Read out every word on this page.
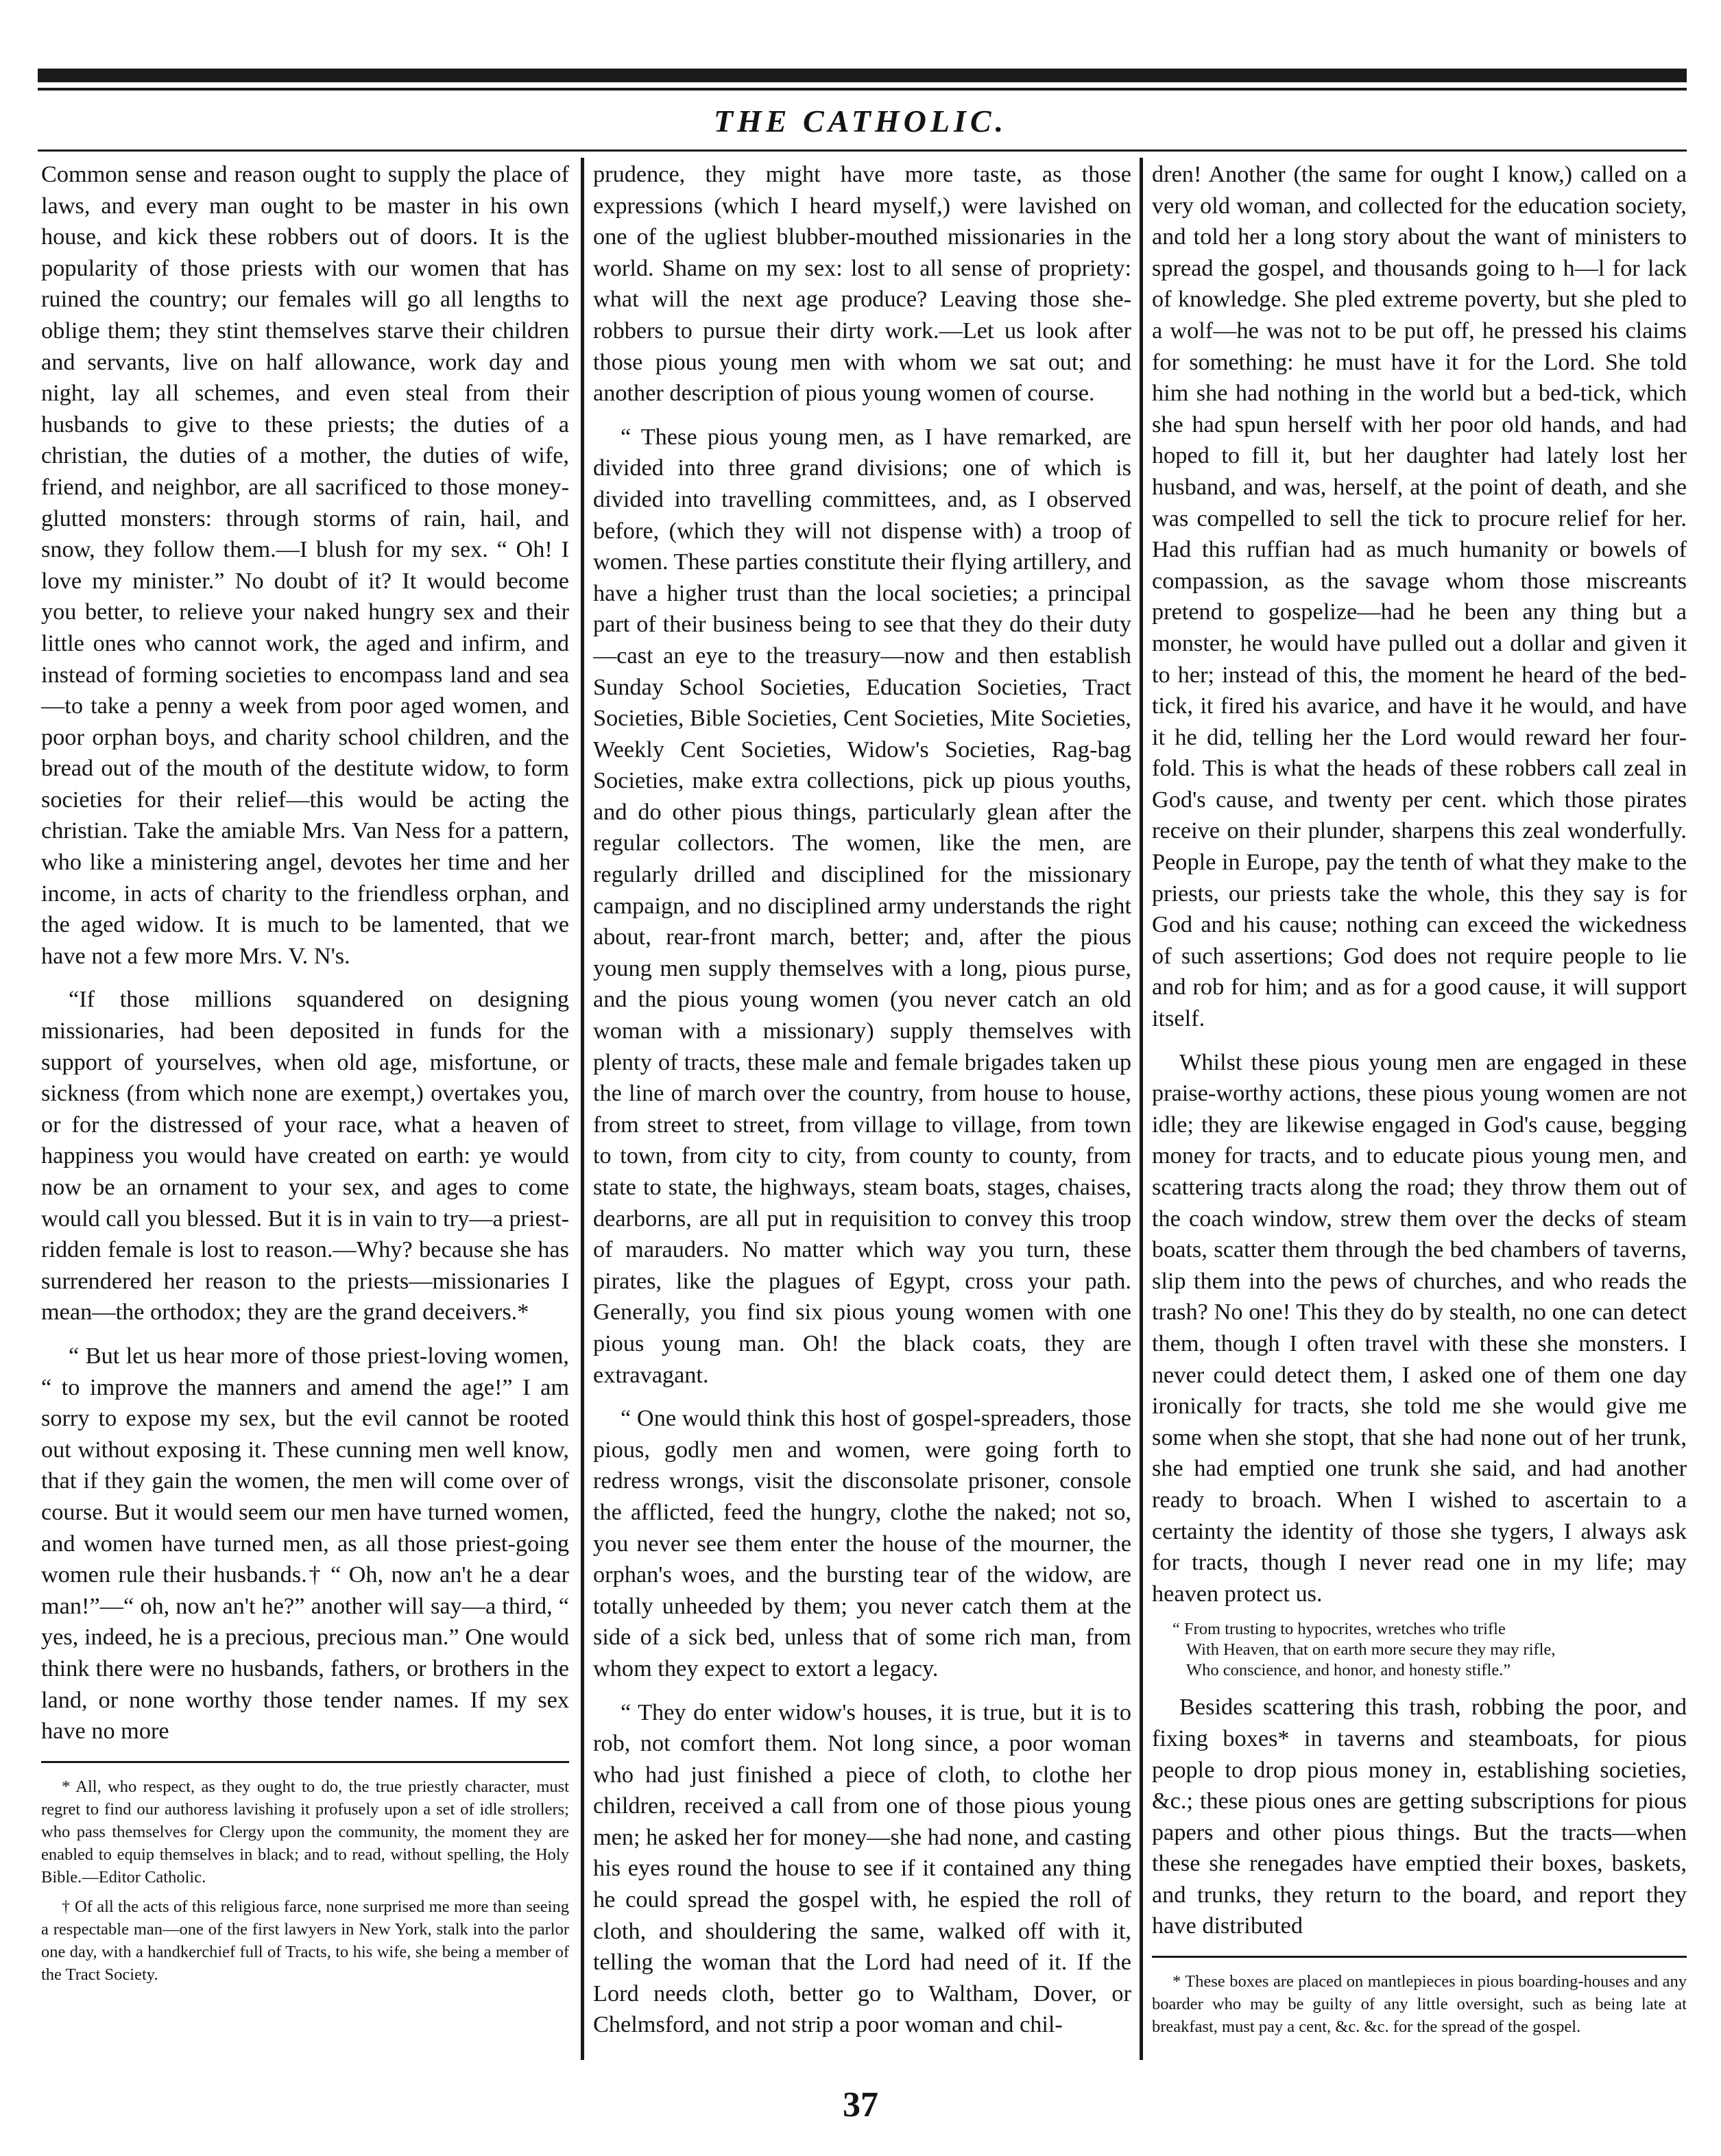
THE CATHOLIC.

Common sense and reason ought to supply the place of laws, and every man ought to be master in his own house, and kick these robbers out of doors. It is the popularity of those priests with our women that has ruined the country; our females will go all lengths to oblige them; they stint themselves starve their children and servants, live on half allowance, work day and night, lay all schemes, and even steal from their husbands to give to these priests; the duties of a christian, the duties of a mother, the duties of wife, friend, and neighbor, are all sacrificed to those money-glutted monsters: through storms of rain, hail, and snow, they follow them.—I blush for my sex. “ Oh! I love my minister.” No doubt of it? It would become you better, to relieve your naked hungry sex and their little ones who cannot work, the aged and infirm, and instead of forming societies to encompass land and sea—to take a penny a week from poor aged women, and poor orphan boys, and charity school children, and the bread out of the mouth of the destitute widow, to form societies for their relief—this would be acting the christian. Take the amiable Mrs. Van Ness for a pattern, who like a ministering angel, devotes her time and her income, in acts of charity to the friendless orphan, and the aged widow. It is much to be lamented, that we have not a few more Mrs. V. N's.

“If those millions squandered on designing missionaries, had been deposited in funds for the support of yourselves, when old age, misfortune, or sickness (from which none are exempt,) overtakes you, or for the distressed of your race, what a heaven of happiness you would have created on earth: ye would now be an ornament to your sex, and ages to come would call you blessed. But it is in vain to try—a priest-ridden female is lost to reason.—Why? because she has surrendered her reason to the priests—missionaries I mean—the orthodox; they are the grand deceivers.*

“ But let us hear more of those priest-loving women, “ to improve the manners and amend the age!” I am sorry to expose my sex, but the evil cannot be rooted out without exposing it. These cunning men well know, that if they gain the women, the men will come over of course. But it would seem our men have turned women, and women have turned men, as all those priest-going women rule their husbands.† “ Oh, now an't he a dear man!”—“ oh, now an't he?” another will say—a third, “ yes, indeed, he is a precious, precious man.” One would think there were no husbands, fathers, or brothers in the land, or none worthy those tender names. If my sex have no more

* All, who respect, as they ought to do, the true priestly character, must regret to find our authoress lavishing it profusely upon a set of idle strollers; who pass themselves for Clergy upon the community, the moment they are enabled to equip themselves in black; and to read, without spelling, the Holy Bible.—Editor Catholic.

† Of all the acts of this religious farce, none surprised me more than seeing a respectable man—one of the first lawyers in New York, stalk into the parlor one day, with a handkerchief full of Tracts, to his wife, she being a member of the Tract Society.

prudence, they might have more taste, as those expressions (which I heard myself,) were lavished on one of the ugliest blubber-mouthed missionaries in the world. Shame on my sex: lost to all sense of propriety: what will the next age produce? Leaving those she-robbers to pursue their dirty work.—Let us look after those pious young men with whom we sat out; and another description of pious young women of course.

“ These pious young men, as I have remarked, are divided into three grand divisions; one of which is divided into travelling committees, and, as I observed before, (which they will not dispense with) a troop of women. These parties constitute their flying artillery, and have a higher trust than the local societies; a principal part of their business being to see that they do their duty—cast an eye to the treasury—now and then establish Sunday School Societies, Education Societies, Tract Societies, Bible Societies, Cent Societies, Mite Societies, Weekly Cent Societies, Widow's Societies, Rag-bag Societies, make extra collections, pick up pious youths, and do other pious things, particularly glean after the regular collectors. The women, like the men, are regularly drilled and disciplined for the missionary campaign, and no disciplined army understands the right about, rear-front march, better; and, after the pious young men supply themselves with a long, pious purse, and the pious young women (you never catch an old woman with a missionary) supply themselves with plenty of tracts, these male and female brigades taken up the line of march over the country, from house to house, from street to street, from village to village, from town to town, from city to city, from county to county, from state to state, the highways, steam boats, stages, chaises, dearborns, are all put in requisition to convey this troop of marauders. No matter which way you turn, these pirates, like the plagues of Egypt, cross your path. Generally, you find six pious young women with one pious young man. Oh! the black coats, they are extravagant.

“ One would think this host of gospel-spreaders, those pious, godly men and women, were going forth to redress wrongs, visit the disconsolate prisoner, console the afflicted, feed the hungry, clothe the naked; not so, you never see them enter the house of the mourner, the orphan's woes, and the bursting tear of the widow, are totally unheeded by them; you never catch them at the side of a sick bed, unless that of some rich man, from whom they expect to extort a legacy.

“ They do enter widow's houses, it is true, but it is to rob, not comfort them. Not long since, a poor woman who had just finished a piece of cloth, to clothe her children, received a call from one of those pious young men; he asked her for money—she had none, and casting his eyes round the house to see if it contained any thing he could spread the gospel with, he espied the roll of cloth, and shouldering the same, walked off with it, telling the woman that the Lord had need of it. If the Lord needs cloth, better go to Waltham, Dover, or Chelmsford, and not strip a poor woman and chil-

dren! Another (the same for ought I know,) called on a very old woman, and collected for the education society, and told her a long story about the want of ministers to spread the gospel, and thousands going to h—l for lack of knowledge. She pled extreme poverty, but she pled to a wolf—he was not to be put off, he pressed his claims for something: he must have it for the Lord. She told him she had nothing in the world but a bed-tick, which she had spun herself with her poor old hands, and had hoped to fill it, but her daughter had lately lost her husband, and was, herself, at the point of death, and she was compelled to sell the tick to procure relief for her. Had this ruffian had as much humanity or bowels of compassion, as the savage whom those miscreants pretend to gospelize—had he been any thing but a monster, he would have pulled out a dollar and given it to her; instead of this, the moment he heard of the bed-tick, it fired his avarice, and have it he would, and have it he did, telling her the Lord would reward her four-fold. This is what the heads of these robbers call zeal in God's cause, and twenty per cent. which those pirates receive on their plunder, sharpens this zeal wonderfully. People in Europe, pay the tenth of what they make to the priests, our priests take the whole, this they say is for God and his cause; nothing can exceed the wickedness of such assertions; God does not require people to lie and rob for him; and as for a good cause, it will support itself.

Whilst these pious young men are engaged in these praise-worthy actions, these pious young women are not idle; they are likewise engaged in God's cause, begging money for tracts, and to educate pious young men, and scattering tracts along the road; they throw them out of the coach window, strew them over the decks of steam boats, scatter them through the bed chambers of taverns, slip them into the pews of churches, and who reads the trash? No one! This they do by stealth, no one can detect them, though I often travel with these she monsters. I never could detect them, I asked one of them one day ironically for tracts, she told me she would give me some when she stopt, that she had none out of her trunk, she had emptied one trunk she said, and had another ready to broach. When I wished to ascertain to a certainty the identity of those she tygers, I always ask for tracts, though I never read one in my life; may heaven protect us.

“ From trusting to hypocrites, wretches who trifle
With Heaven, that on earth more secure they may rifle,
Who conscience, and honor, and honesty stifle.”

Besides scattering this trash, robbing the poor, and fixing boxes* in taverns and steamboats, for pious people to drop pious money in, establishing societies, &c.; these pious ones are getting subscriptions for pious papers and other pious things. But the tracts—when these she renegades have emptied their boxes, baskets, and trunks, they return to the board, and report they have distributed

* These boxes are placed on mantlepieces in pious boarding-houses and any boarder who may be guilty of any little oversight, such as being late at breakfast, must pay a cent, &c. &c. for the spread of the gospel.

37
